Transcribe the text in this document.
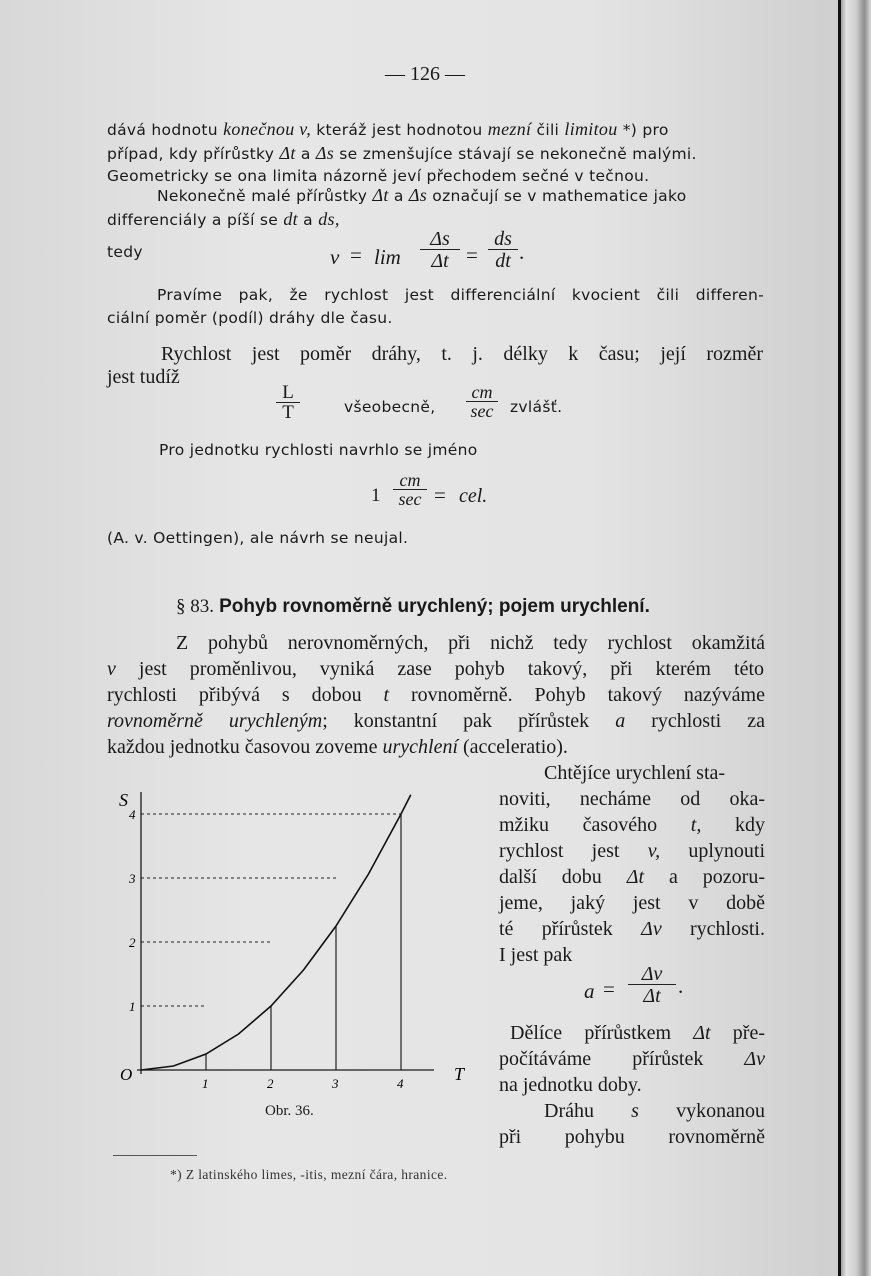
— 126 —

dává hodnotu konečnou v, kteráž jest hodnotou mezní čili limitou *) pro

případ, kdy přírůstky Δt a Δs se zmenšujíce stávají se nekonečně malými.

Geometricky se ona limita názorně jeví přechodem sečné v tečnou.

Nekonečně malé přírůstky Δt a Δs označují se v mathematice jako

differenciály a píší se dt a ds,

tedy	$v = \lim \frac{\Delta s}{\Delta t} = \frac{ds}{dt}$ .

Pravíme pak, že rychlost jest differenciální kvocient čili differen-

ciální poměr (podíl) dráhy dle času.

Rychlost jest poměr dráhy, t. j. délky k času; její rozměr

jest tudíž

$\frac{L}{T}$	všeobecně,

cm
sec zvlášť.

Pro jednotku rychlosti navrhlo se jméno

1

cm
sec = cel.

(A. v. Oettingen), ale návrh se neujal.

§ 83. Pohyb rovnoměrně urychlený; pojem urychlení.

Z pohybů nerovnoměrných, při nichž tedy rychlost okamžitá

v jest proměnlivou, vyniká zase pohyb takový, při kterém této

rychlosti přibývá s dobou t rovnoměrně. Pohyb takový nazýváme

rovnoměrně urychleným; konstantní pak přírůstek a rychlosti za

každou jednotku časovou zoveme urychlení (acceleratio).

Chtějíce urychlení sta-

noviti, necháme od oka-

mžiku časového t, kdy

rychlost jest v, uplynouti

další dobu Δt a pozoru-

jeme, jaký jest v době

té přírůstek Δv rychlosti.

I jest pak

$a = \frac{\Delta v}{\Delta t}$ .

Dělíce přírůstkem Δt pře-

počítáváme přírůstek Δv

na jednotku doby.

Dráhu s vykonanou

při pohybu rovnoměrně

1	2	3	4
1
2
3
4
S
T
O

Obr. 36.

*) Z latinského limes, -itis, mezní čára, hranice.
